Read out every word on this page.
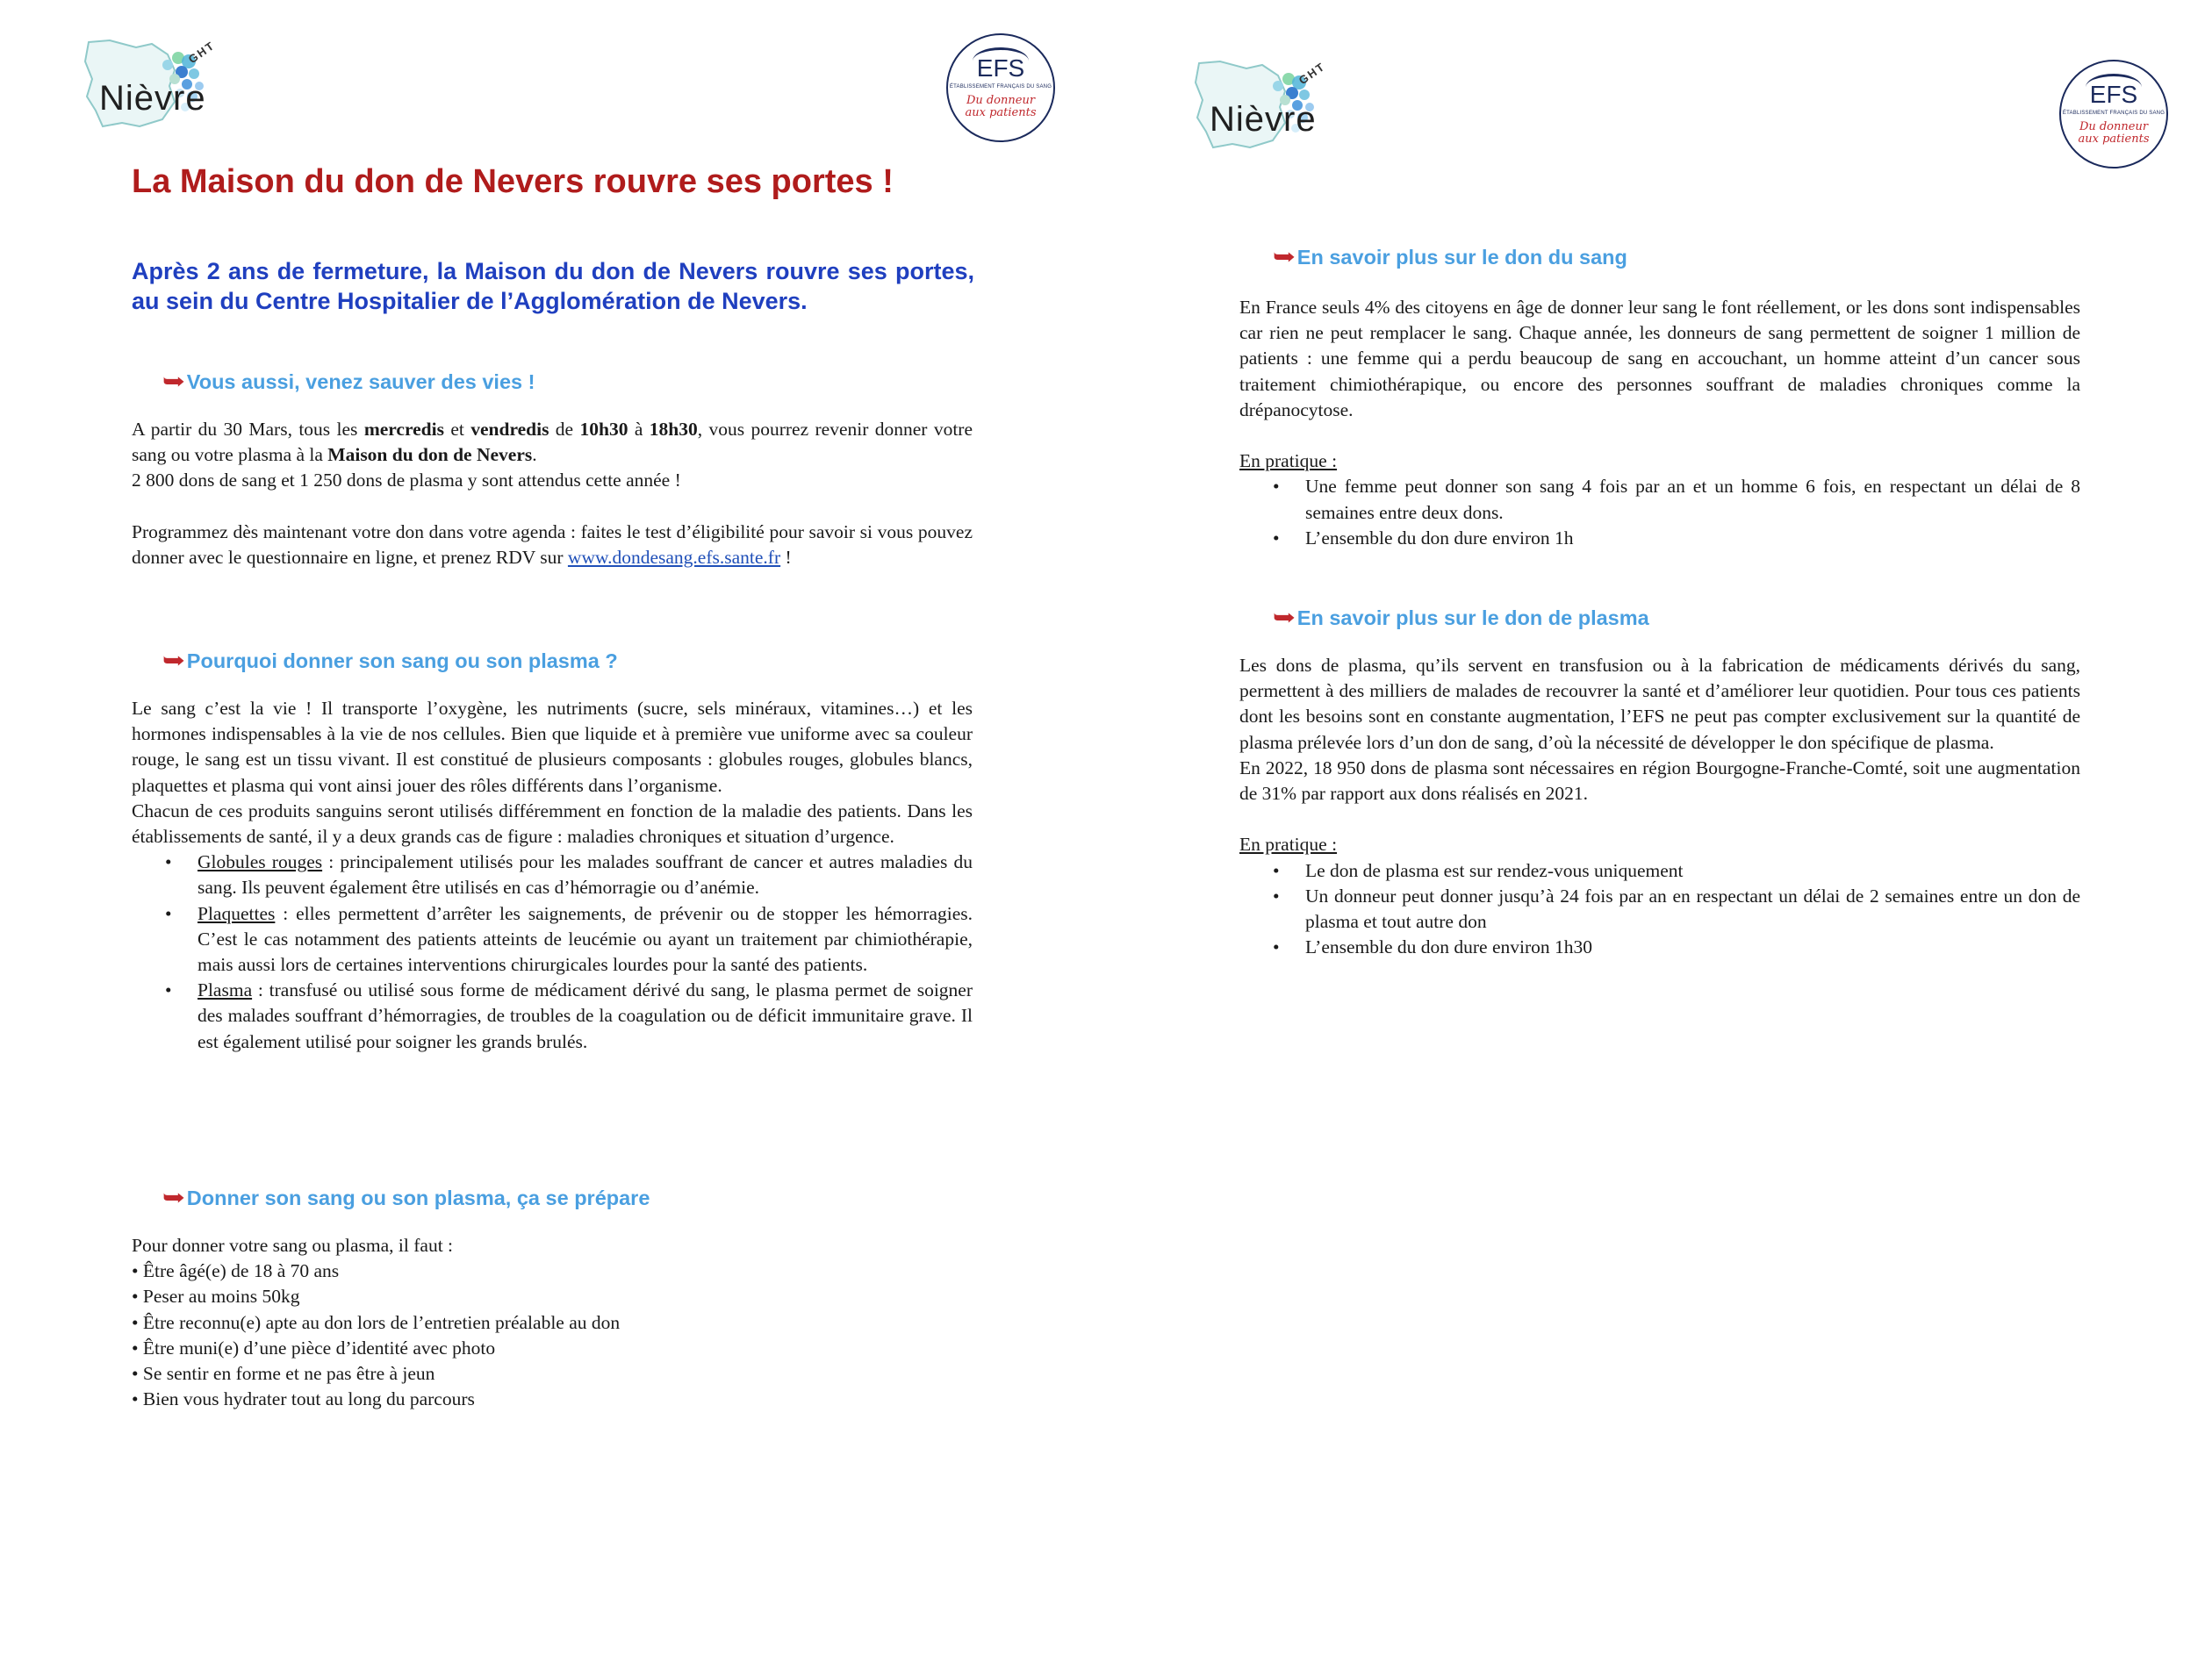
GHT
Nièvre
EFS
ÉTABLISSEMENT FRANÇAIS DU SANG
Du donneur aux patients
La Maison du don de Nevers rouvre ses portes !

Après 2 ans de fermeture, la Maison du don de Nevers rouvre ses portes, au sein du Centre Hospitalier de l’Agglomération de Nevers.

➥Vous aussi, venez sauver des vies !

A partir du 30 Mars, tous les mercredis et vendredis de 10h30 à 18h30, vous pourrez revenir donner votre sang ou votre plasma à la Maison du don de Nevers.

2 800 dons de sang et 1 250 dons de plasma y sont attendus cette année !

Programmez dès maintenant votre don dans votre agenda : faites le test d’éligibilité pour savoir si vous pouvez donner avec le questionnaire en ligne, et prenez RDV sur www.dondesang.efs.sante.fr !

➥Pourquoi donner son sang ou son plasma ?

Le sang c’est la vie ! Il transporte l’oxygène, les nutriments (sucre, sels minéraux, vitamines…) et les hormones indispensables à la vie de nos cellules. Bien que liquide et à première vue uniforme avec sa couleur rouge, le sang est un tissu vivant. Il est constitué de plusieurs composants : globules rouges, globules blancs, plaquettes et plasma qui vont ainsi jouer des rôles différents dans l’organisme.

Chacun de ces produits sanguins seront utilisés différemment en fonction de la maladie des patients. Dans les établissements de santé, il y a deux grands cas de figure : maladies chroniques et situation d’urgence.

• Globules rouges : principalement utilisés pour les malades souffrant de cancer et autres maladies du sang. Ils peuvent également être utilisés en cas d’hémorragie ou d’anémie.
• Plaquettes : elles permettent d’arrêter les saignements, de prévenir ou de stopper les hémorragies. C’est le cas notamment des patients atteints de leucémie ou ayant un traitement par chimiothérapie, mais aussi lors de certaines interventions chirurgicales lourdes pour la santé des patients.
• Plasma : transfusé ou utilisé sous forme de médicament dérivé du sang, le plasma permet de soigner des malades souffrant d’hémorragies, de troubles de la coagulation ou de déficit immunitaire grave. Il est également utilisé pour soigner les grands brulés.
➥Donner son sang ou son plasma, ça se prépare

Pour donner votre sang ou plasma, il faut :

• Être âgé(e) de 18 à 70 ans

• Peser au moins 50kg

• Être reconnu(e) apte au don lors de l’entretien préalable au don

• Être muni(e) d’une pièce d’identité avec photo

• Se sentir en forme et ne pas être à jeun

• Bien vous hydrater tout au long du parcours

GHT
Nièvre
EFS
ÉTABLISSEMENT FRANÇAIS DU SANG
Du donneur aux patients
➥En savoir plus sur le don du sang

En France seuls 4% des citoyens en âge de donner leur sang le font réellement, or les dons sont indispensables car rien ne peut remplacer le sang. Chaque année, les donneurs de sang permettent de soigner 1 million de patients : une femme qui a perdu beaucoup de sang en accouchant, un homme atteint d’un cancer sous traitement chimiothérapique, ou encore des personnes souffrant de maladies chroniques comme la drépanocytose.

En pratique :

• Une femme peut donner son sang 4 fois par an et un homme 6 fois, en respectant un délai de 8 semaines entre deux dons.
• L’ensemble du don dure environ 1h
➥En savoir plus sur le don de plasma

Les dons de plasma, qu’ils servent en transfusion ou à la fabrication de médicaments dérivés du sang, permettent à des milliers de malades de recouvrer la santé et d’améliorer leur quotidien. Pour tous ces patients dont les besoins sont en constante augmentation, l’EFS ne peut pas compter exclusivement sur la quantité de plasma prélevée lors d’un don de sang, d’où la nécessité de développer le don spécifique de plasma.

En 2022, 18 950 dons de plasma sont nécessaires en région Bourgogne-Franche-Comté, soit une augmentation de 31% par rapport aux dons réalisés en 2021.

En pratique :

• Le don de plasma est sur rendez-vous uniquement
• Un donneur peut donner jusqu’à 24 fois par an en respectant un délai de 2 semaines entre un don de plasma et tout autre don
• L’ensemble du don dure environ 1h30
